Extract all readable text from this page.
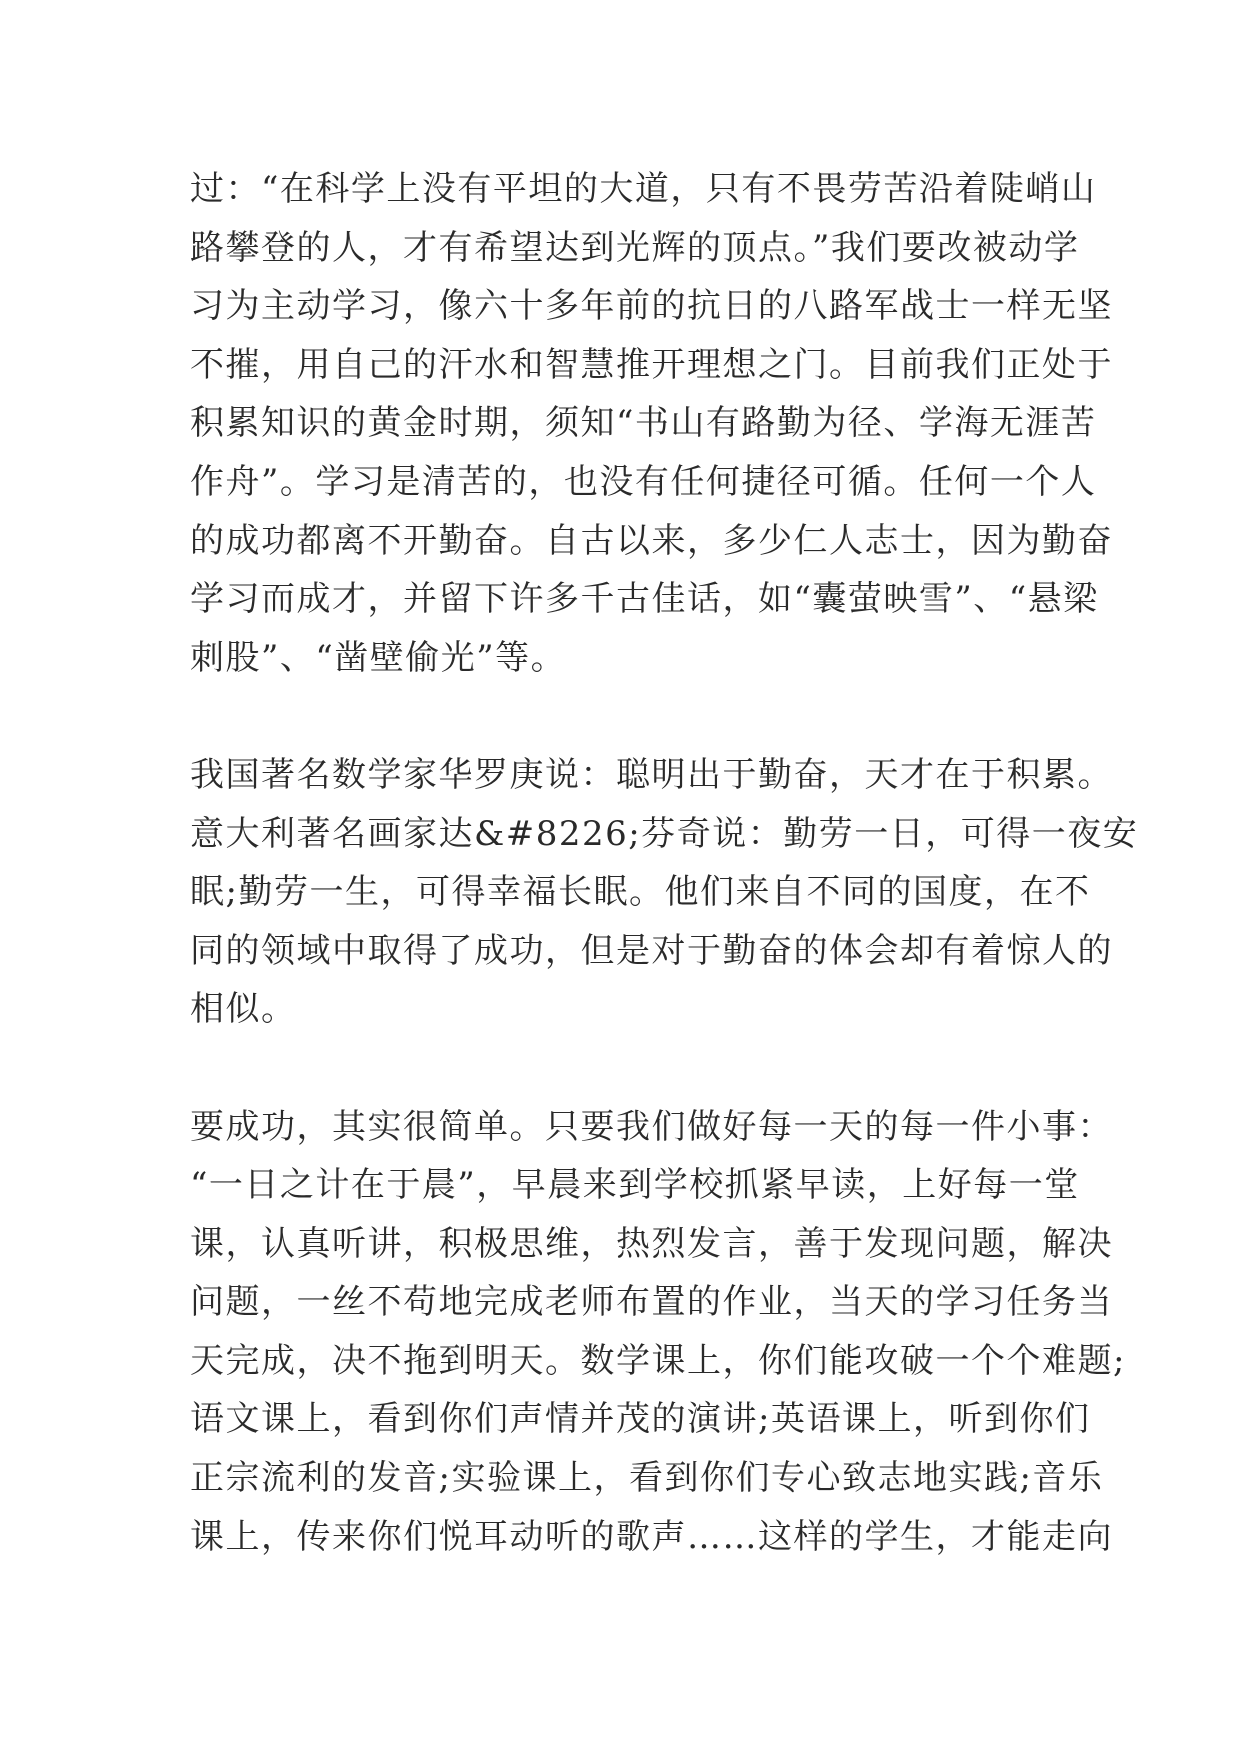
过：“在科学上没有平坦的大道，只有不畏劳苦沿着陡峭山
路攀登的人，才有希望达到光辉的顶点。”我们要改被动学
习为主动学习，像六十多年前的抗日的八路军战士一样无坚
不摧，用自己的汗水和智慧推开理想之门。目前我们正处于
积累知识的黄金时期，须知“书山有路勤为径、学海无涯苦
作舟”。学习是清苦的，也没有任何捷径可循。任何一个人
的成功都离不开勤奋。自古以来，多少仁人志士，因为勤奋
学习而成才，并留下许多千古佳话，如“囊萤映雪”、“悬梁
刺股”、“凿壁偷光”等。
我国著名数学家华罗庚说：聪明出于勤奋，天才在于积累。
意大利著名画家达&#8226;芬奇说：勤劳一日，可得一夜安
眠;勤劳一生，可得幸福长眠。他们来自不同的国度，在不
同的领域中取得了成功，但是对于勤奋的体会却有着惊人的
相似。
要成功，其实很简单。只要我们做好每一天的每一件小事：
“一日之计在于晨”，早晨来到学校抓紧早读，上好每一堂
课，认真听讲，积极思维，热烈发言，善于发现问题，解决
问题，一丝不苟地完成老师布置的作业，当天的学习任务当
天完成，决不拖到明天。数学课上，你们能攻破一个个难题;
语文课上，看到你们声情并茂的演讲;英语课上，听到你们
正宗流利的发音;实验课上，看到你们专心致志地实践;音乐
课上，传来你们悦耳动听的歌声……这样的学生，才能走向
